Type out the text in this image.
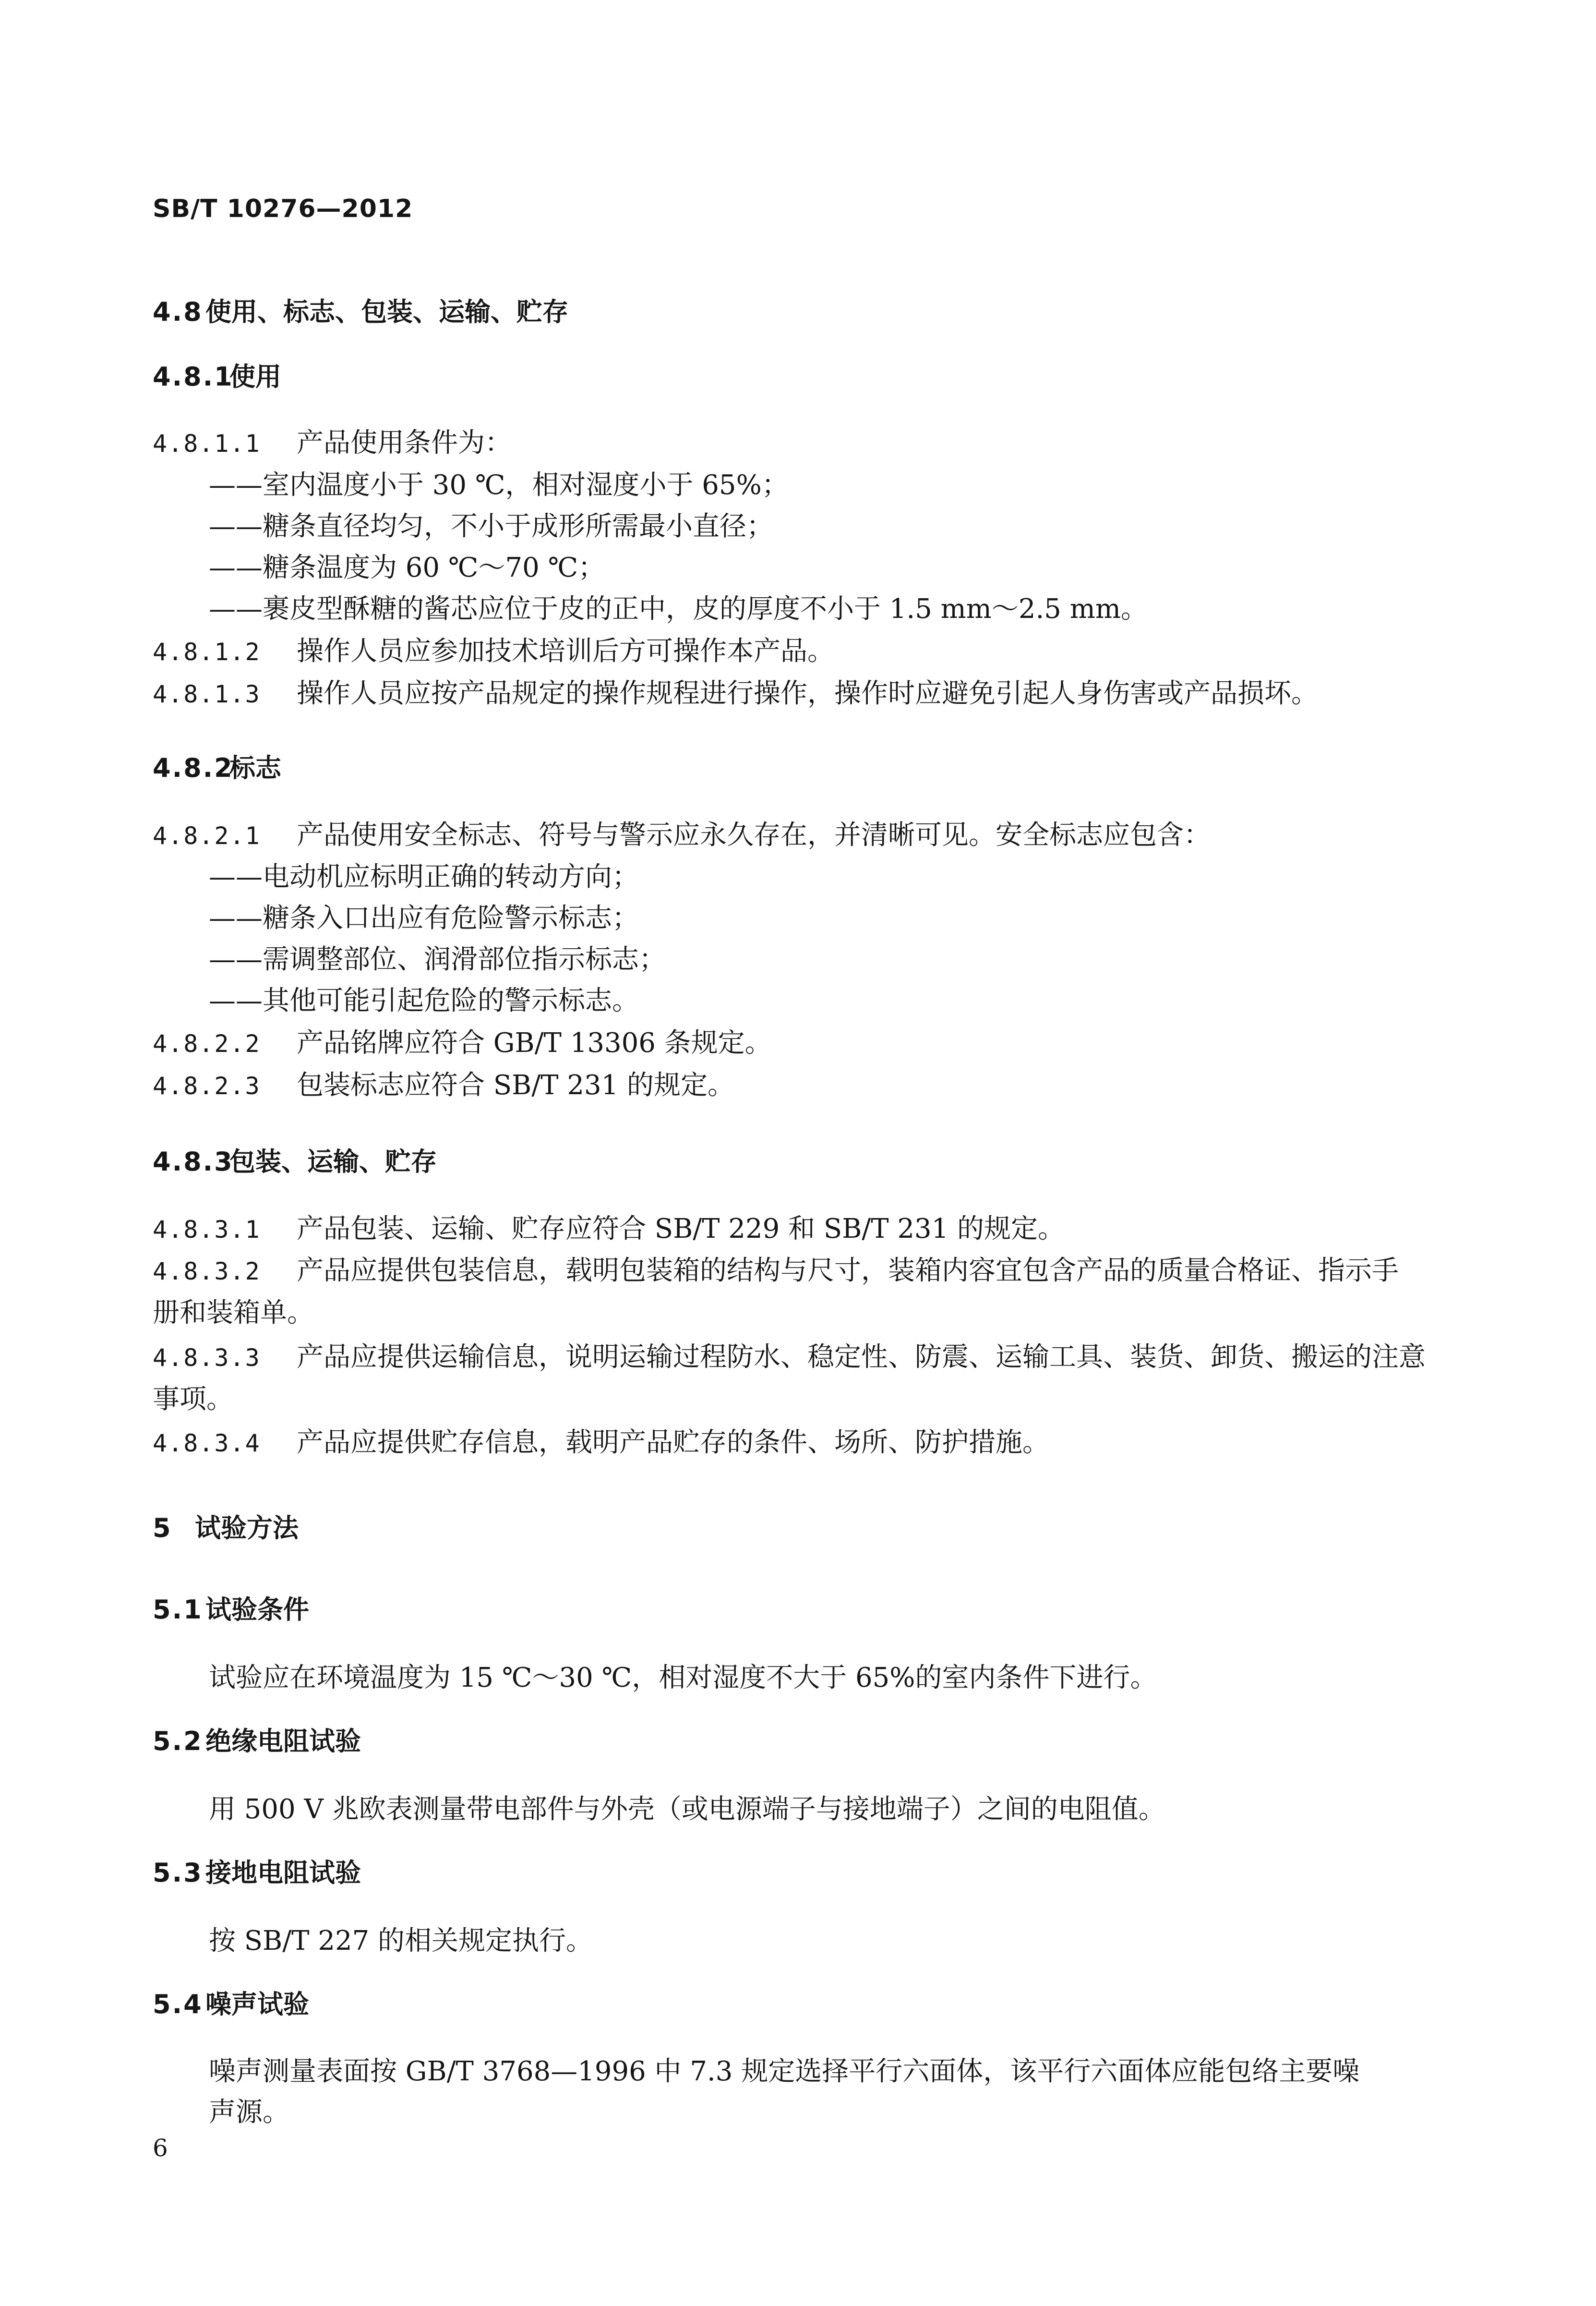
SB/T 10276—2012
4.8使用、标志、包装、运输、贮存
4.8.1使用
4.8.1.1 产品使用条件为：
——室内温度小于 30 ℃，相对湿度小于 65%；
——糖条直径均匀，不小于成形所需最小直径；
——糖条温度为 60 ℃～70 ℃；
——裹皮型酥糖的酱芯应位于皮的正中，皮的厚度不小于 1.5 mm～2.5 mm。
4.8.1.2 操作人员应参加技术培训后方可操作本产品。
4.8.1.3 操作人员应按产品规定的操作规程进行操作，操作时应避免引起人身伤害或产品损坏。
4.8.2标志
4.8.2.1 产品使用安全标志、符号与警示应永久存在，并清晰可见。安全标志应包含：
——电动机应标明正确的转动方向；
——糖条入口出应有危险警示标志；
——需调整部位、润滑部位指示标志；
——其他可能引起危险的警示标志。
4.8.2.2 产品铭牌应符合 GB/T 13306 条规定。
4.8.2.3 包装标志应符合 SB/T 231 的规定。
4.8.3包装、运输、贮存
4.8.3.1 产品包装、运输、贮存应符合 SB/T 229 和 SB/T 231 的规定。
4.8.3.2 产品应提供包装信息，载明包装箱的结构与尺寸，装箱内容宜包含产品的质量合格证、指示手
册和装箱单。
4.8.3.3 产品应提供运输信息，说明运输过程防水、稳定性、防震、运输工具、装货、卸货、搬运的注意
事项。
4.8.3.4 产品应提供贮存信息，载明产品贮存的条件、场所、防护措施。
5 试验方法
5.1试验条件
试验应在环境温度为 15 ℃～30 ℃，相对湿度不大于 65%的室内条件下进行。
5.2绝缘电阻试验
用 500 V 兆欧表测量带电部件与外壳（或电源端子与接地端子）之间的电阻值。
5.3接地电阻试验
按 SB/T 227 的相关规定执行。
5.4噪声试验
噪声测量表面按 GB/T 3768—1996 中 7.3 规定选择平行六面体，该平行六面体应能包络主要噪
声源。
6
